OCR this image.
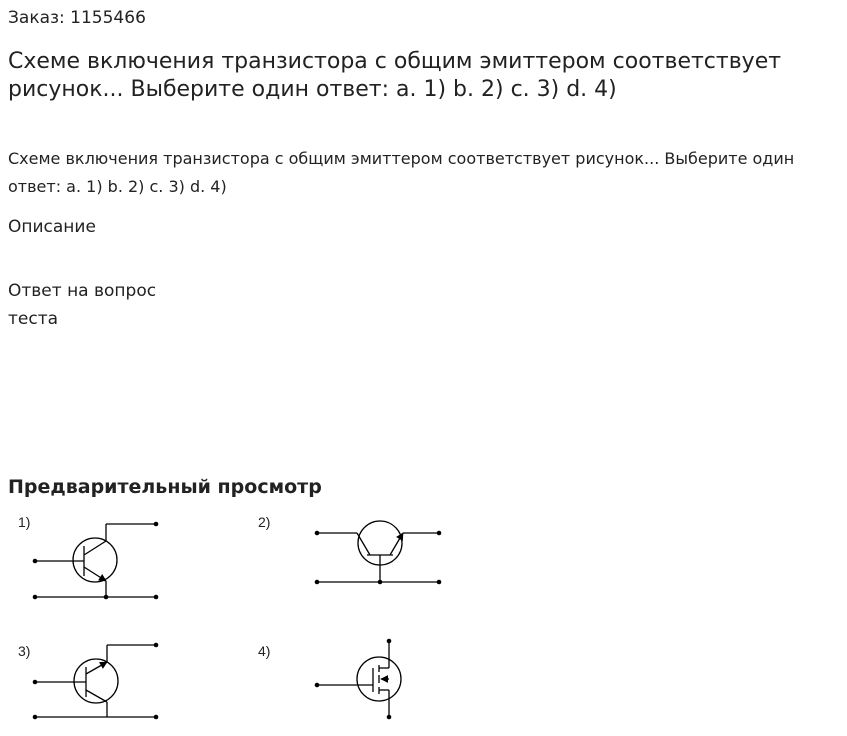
Заказ: 1155466
Схеме включения транзистора с общим эмиттером соответствует рисунок... Выберите один ответ: a. 1) b. 2) c. 3) d. 4)
Схеме включения транзистора с общим эмиттером соответствует рисунок... Выберите один ответ: a. 1) b. 2) c. 3) d. 4)
Описание
Ответ на вопрос теста
Предварительный просмотр
1)	2)
3)	4)
